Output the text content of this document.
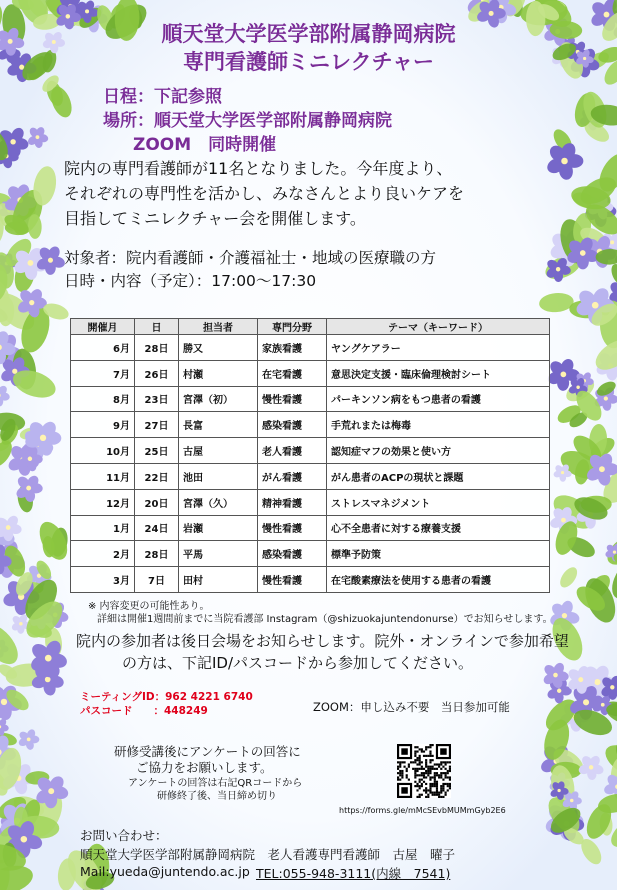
順天堂大学医学部附属静岡病院
専門看護師ミニレクチャー
日程：下記参照
場所：順天堂大学医学部附属静岡病院
ZOOM　同時開催
院内の専門看護師が11名となりました。今年度より、
それぞれの専門性を活かし、みなさんとより良いケアを
目指してミニレクチャー会を開催します。
対象者：院内看護師・介護福祉士・地域の医療職の方
日時・内容（予定）：17:00〜17:30
開催月	日	担当者	専門分野	テーマ（キーワード）
6月	28日	勝又	家族看護	ヤングケアラー
7月	26日	村瀬	在宅看護	意思決定支援・臨床倫理検討シート
8月	23日	宮澤（初）	慢性看護	パーキンソン病をもつ患者の看護
9月	27日	長富	感染看護	手荒れまたは梅毒
10月	25日	古屋	老人看護	認知症マフの効果と使い方
11月	22日	池田	がん看護	がん患者のACPの現状と課題
12月	20日	宮澤（久）	精神看護	ストレスマネジメント
1月	24日	岩瀬	慢性看護	心不全患者に対する療養支援
2月	28日	平馬	感染看護	標準予防策
3月	7日	田村	慢性看護	在宅酸素療法を使用する患者の看護
※ 内容変更の可能性あり。
詳細は開催1週間前までに当院看護部 Instagram（@shizuokajuntendonurse）でお知らせします。
院内の参加者は後日会場をお知らせします。院外・オンラインで参加希望
の方は、下記ID/パスコードから参加してください。
ミーティングID：962 4221 6740
パスコード　　：448249	ZOOM：申し込み不要　当日参加可能
研修受講後にアンケートの回答に
ご協力をお願いします。
アンケートの回答は右記QRコードから
研修終了後、当日締め切り
https://forms.gle/mMcSEvbMUMmGyb2E6
お問い合わせ：
順天堂大学医学部附属静岡病院　老人看護専門看護師　古屋　曜子
Mail:yueda@juntendo.ac.jp TEL:055-948-3111(内線　7541)
